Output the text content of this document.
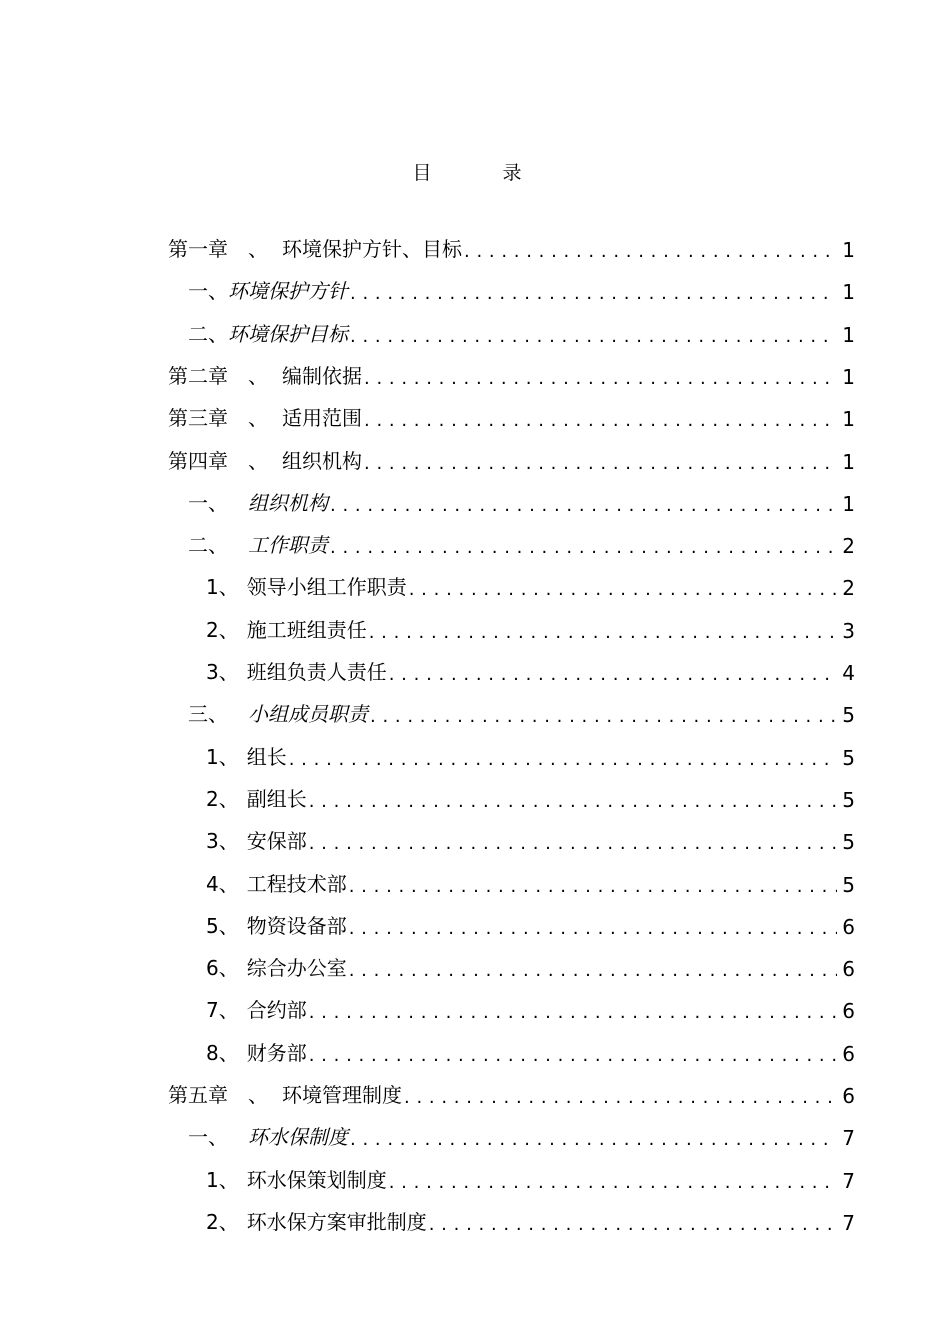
目　录
第一章　、 环境保护方针、目标 . . .	1
一、 环境保护方针 . . .	1
二、 环境保护目标 . . .	1
第二章　、 编制依据 . . .	1
第三章　、 适用范围 . . .	1
第四章　、 组织机构 . . .	1
一、 组织机构 . . .	1
二、 工作职责 . . .	2
1、 领导小组工作职责 . . .	2
2、 施工班组责任 . . .	3
3、 班组负责人责任 . . .	4
三、 小组成员职责 . . .	5
1、 组长 . . .	5
2、 副组长 . . .	5
3、 安保部 . . .	5
4、 工程技术部 . . .	5
5、 物资设备部 . . .	6
6、 综合办公室 . . .	6
7、 合约部 . . .	6
8、 财务部 . . .	6
第五章　、 环境管理制度 . . .	6
一、 环水保制度 . . .	7
1、 环水保策划制度 . . .	7
2、 环水保方案审批制度 . . .	7
